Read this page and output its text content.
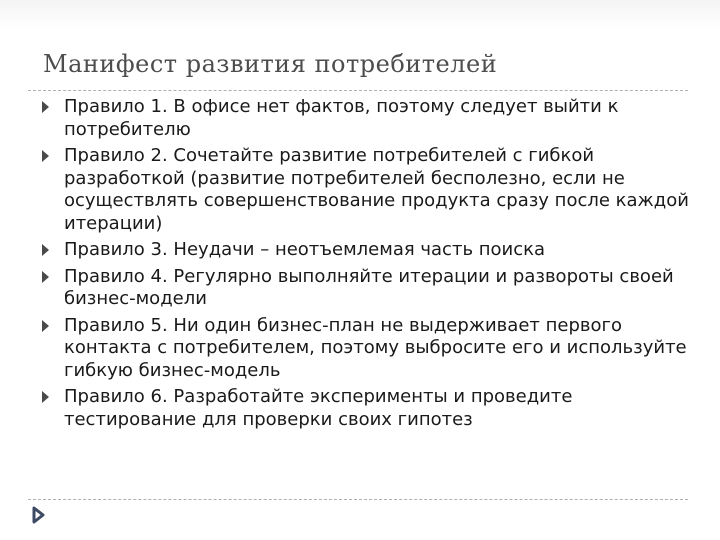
Манифест развития потребителей
Правило 1. В офисе нет фактов, поэтому следует выйти к потребителю
Правило 2. Сочетайте развитие потребителей с гибкой разработкой (развитие потребителей бесполезно, если не осуществлять совершенствование продукта сразу после каждой итерации)
Правило 3. Неудачи – неотъемлемая часть поиска
Правило 4. Регулярно выполняйте итерации и развороты своей бизнес-модели
Правило 5. Ни один бизнес-план не выдерживает первого контакта с потребителем, поэтому выбросите его и используйте гибкую бизнес-модель
Правило 6. Разработайте эксперименты и проведите тестирование для проверки своих гипотез
